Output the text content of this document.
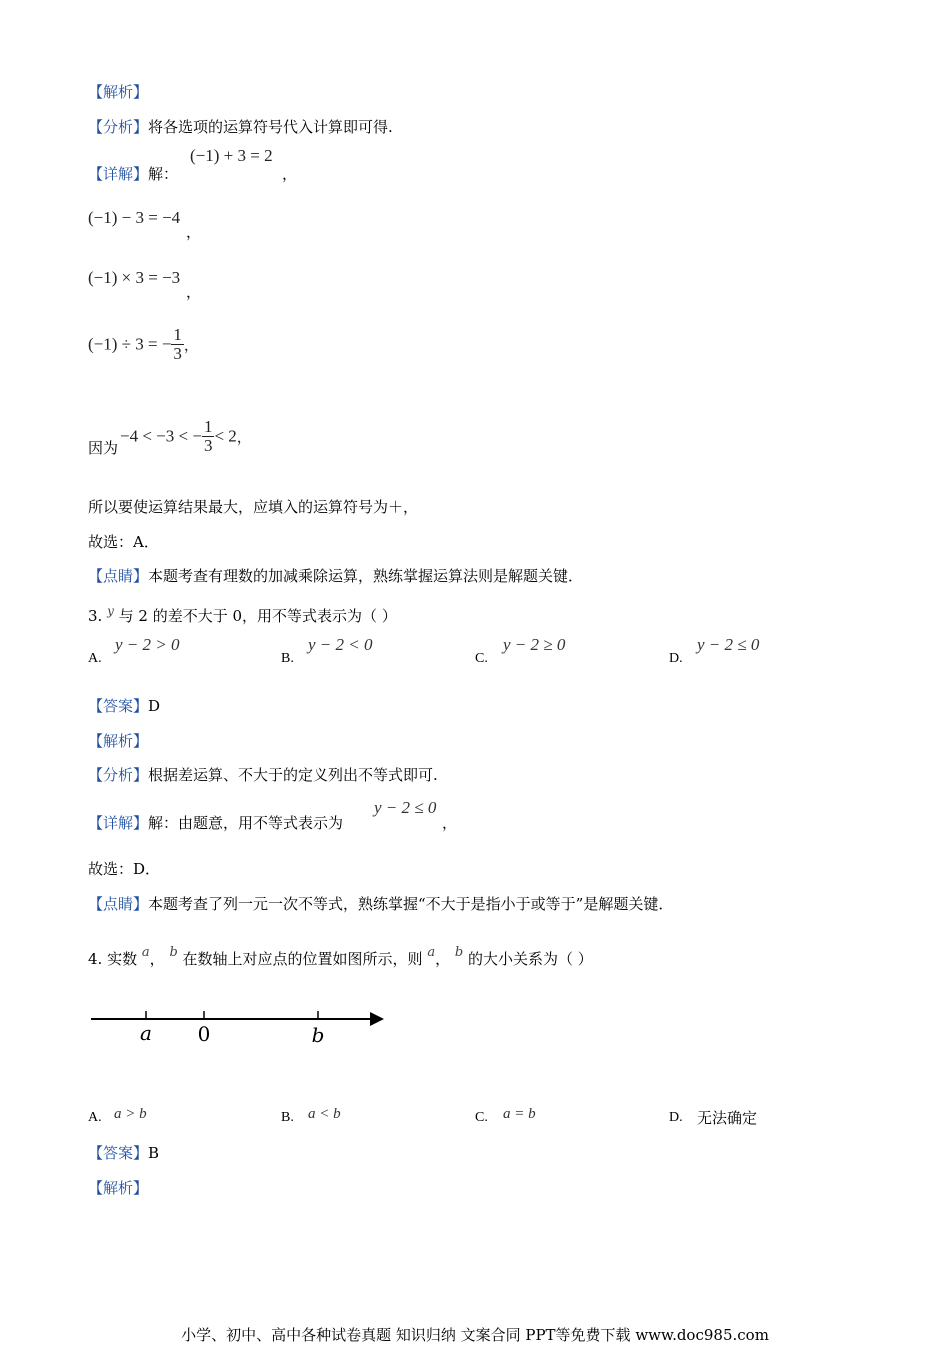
【解析】
【分析】将各选项的运算符号代入计算即可得.
【详解】解：
(−1) + 3 = 2
，
(−1) − 3 = −4
，
(−1) × 3 = −3
，
(−1) ÷ 3 = − $\frac{1}{3}$ ，
因为
−4 < −3 < − $\frac{1}{3} < 2$，
所以要使运算结果最大，应填入的运算符号为＋，
故选：A．
【点睛】本题考查有理数的加减乘除运算，熟练掌握运算法则是解题关键．
3. $^y$ 与 2 的差不大于 0，用不等式表示为（ ）
A.
y − 2 > 0
B.
y − 2 < 0
C.
y − 2 ≥ 0
D.
y − 2 ≤ 0
【答案】D
【解析】
【分析】根据差运算、不大于的定义列出不等式即可.
【详解】解：由题意，用不等式表示为
y − 2 ≤ 0
，
故选：D．
【点睛】本题考查了列一元一次不等式，熟练掌握“不大于是指小于或等于”是解题关键．
4. 实数 a， b 在数轴上对应点的位置如图所示，则 a， b 的大小关系为（ ）
a 0	b
A. a > b	B. a < b	C. a = b	D. 无法确定
【答案】B
【解析】
小学、初中、高中各种试卷真题 知识归纳 文案合同 PPT等免费下载 www.doc985.com
